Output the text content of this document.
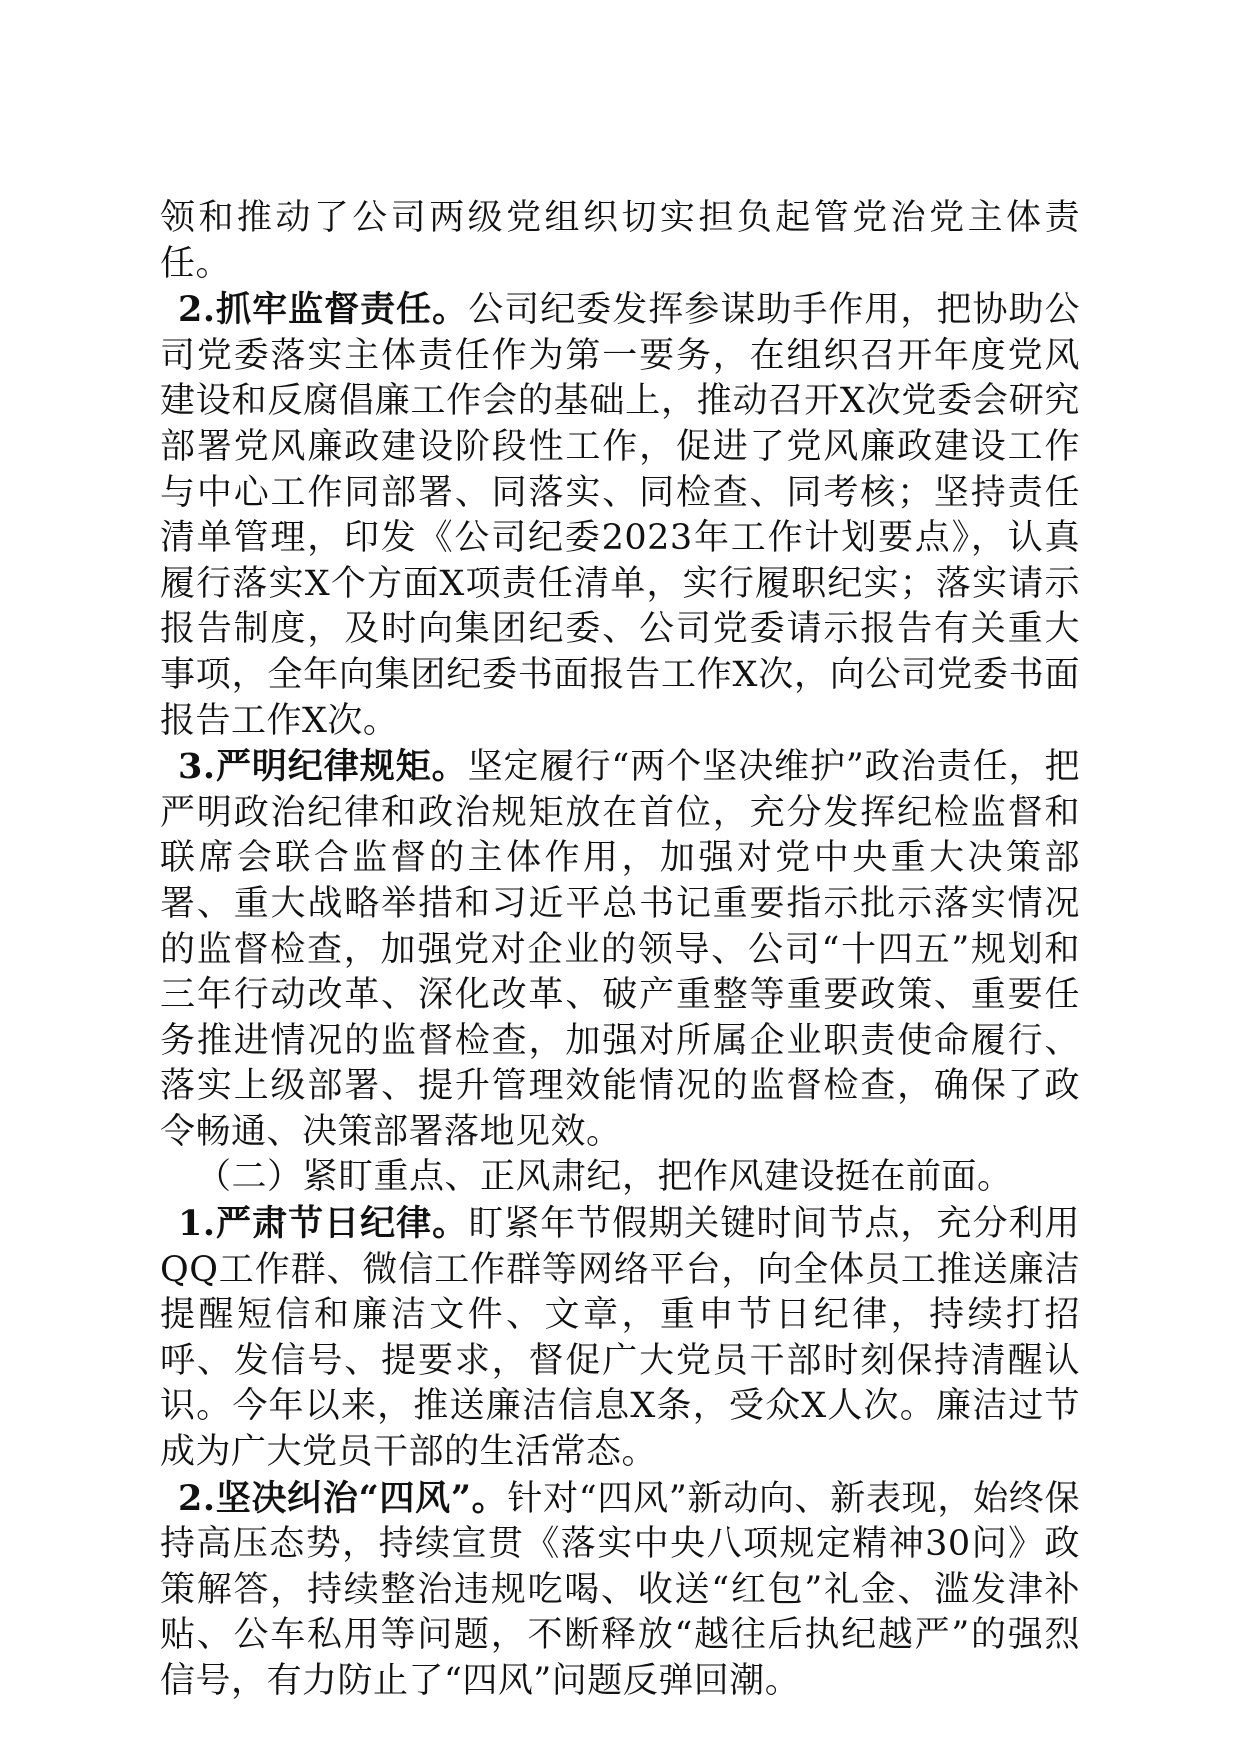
领和推动了公司两级党组织切实担负起管党治党主体责任。

2.抓牢监督责任。公司纪委发挥参谋助手作用，把协助公司党委落实主体责任作为第一要务，在组织召开年度党风建设和反腐倡廉工作会的基础上，推动召开X次党委会研究部署党风廉政建设阶段性工作，促进了党风廉政建设工作与中心工作同部署、同落实、同检查、同考核；坚持责任清单管理，印发《公司纪委2023年工作计划要点》，认真履行落实X个方面X项责任清单，实行履职纪实；落实请示报告制度，及时向集团纪委、公司党委请示报告有关重大事项，全年向集团纪委书面报告工作X次，向公司党委书面报告工作X次。

3.严明纪律规矩。坚定履行“两个坚决维护”政治责任，把严明政治纪律和政治规矩放在首位，充分发挥纪检监督和联席会联合监督的主体作用，加强对党中央重大决策部署、重大战略举措和习近平总书记重要指示批示落实情况的监督检查，加强党对企业的领导、公司“十四五”规划和三年行动改革、深化改革、破产重整等重要政策、重要任务推进情况的监督检查，加强对所属企业职责使命履行、落实上级部署、提升管理效能情况的监督检查，确保了政令畅通、决策部署落地见效。

（二）紧盯重点、正风肃纪，把作风建设挺在前面。

1.严肃节日纪律。盯紧年节假期关键时间节点，充分利用QQ工作群、微信工作群等网络平台，向全体员工推送廉洁提醒短信和廉洁文件、文章，重申节日纪律，持续打招呼、发信号、提要求，督促广大党员干部时刻保持清醒认识。今年以来，推送廉洁信息X条，受众X人次。廉洁过节成为广大党员干部的生活常态。

2.坚决纠治“四风”。针对“四风”新动向、新表现，始终保持高压态势，持续宣贯《落实中央八项规定精神30问》政策解答，持续整治违规吃喝、收送“红包”礼金、滥发津补贴、公车私用等问题，不断释放“越往后执纪越严”的强烈信号，有力防止了“四风”问题反弹回潮。
